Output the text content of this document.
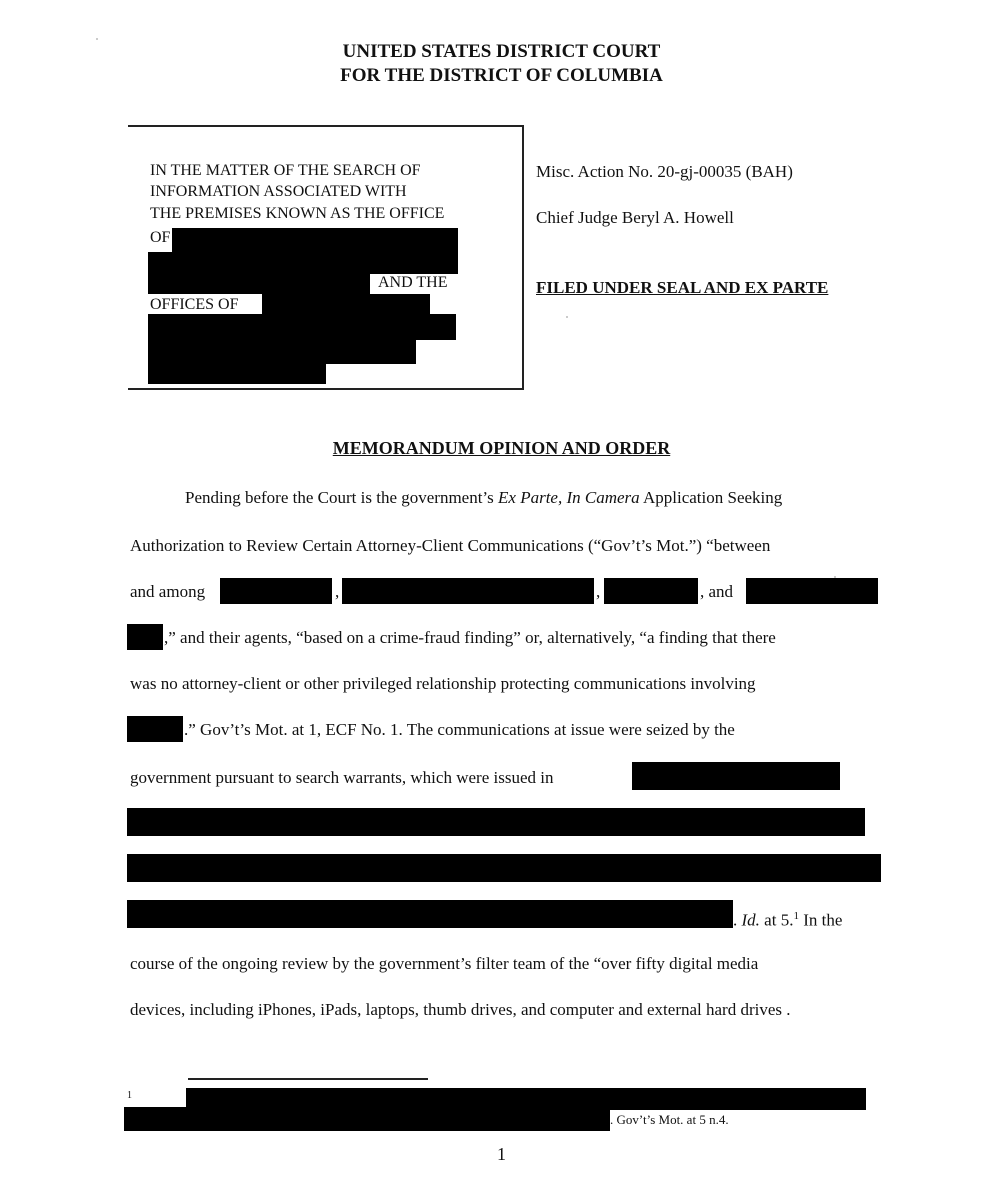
UNITED STATES DISTRICT COURT
FOR THE DISTRICT OF COLUMBIA
IN THE MATTER OF THE SEARCH OF
INFORMATION ASSOCIATED WITH
THE PREMISES KNOWN AS THE OFFICE
OF
AND THE
OFFICES OF
Misc. Action No. 20-gj-00035 (BAH)
Chief Judge Beryl A. Howell
FILED UNDER SEAL AND EX PARTE
MEMORANDUM OPINION AND ORDER
Pending before the Court is the government’s Ex Parte, In Camera Application Seeking
Authorization to Review Certain Attorney-Client Communications (“Gov’t’s Mot.”) “between
and among	,	,	, and
,” and their agents, “based on a crime-fraud finding” or, alternatively, “a finding that there
was no attorney-client or other privileged relationship protecting communications involving
.” Gov’t’s Mot. at 1, ECF No. 1. The communications at issue were seized by the
government pursuant to search warrants, which were issued in
. Id. at 5.$^1$ In the
course of the ongoing review by the government’s filter team of the “over fifty digital media
devices, including iPhones, iPads, laptops, thumb drives, and computer and external hard drives .
1
. Gov’t’s Mot. at 5 n.4.
1
